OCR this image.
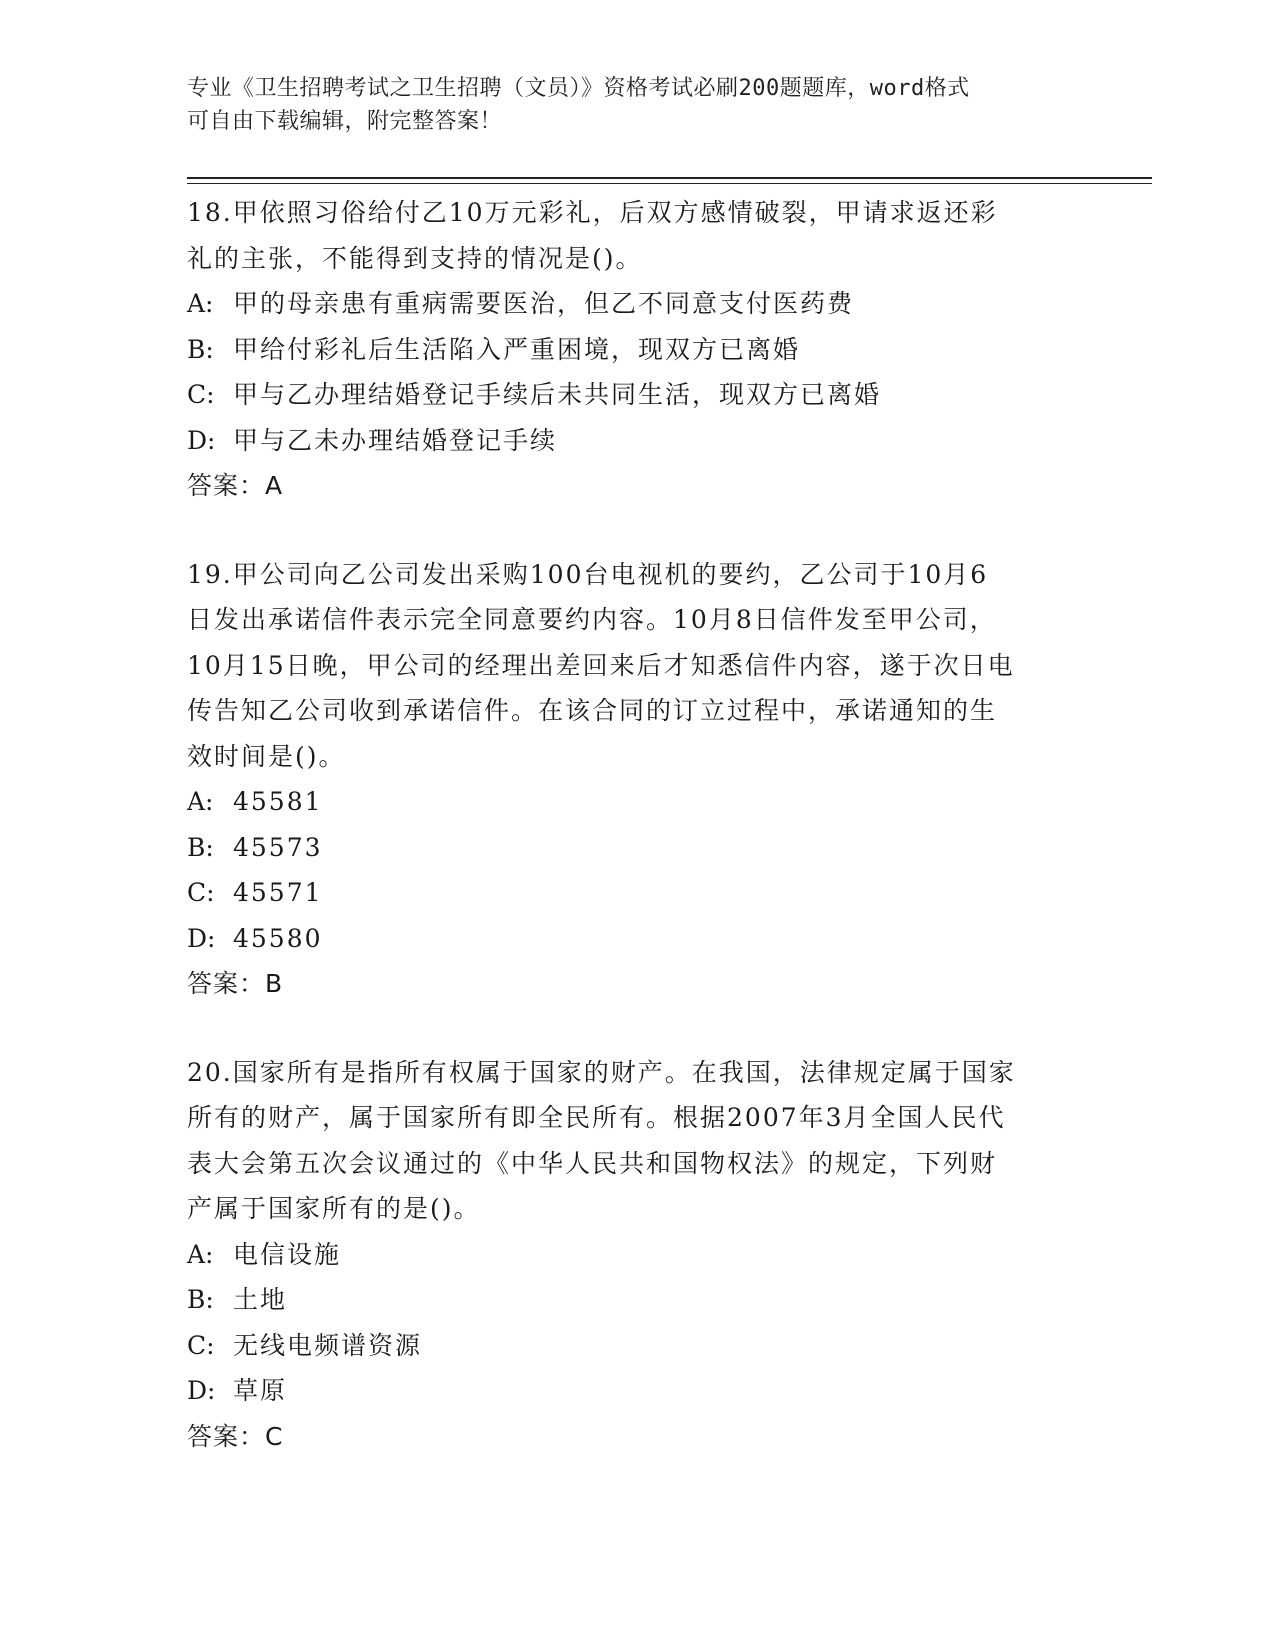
专业《卫生招聘考试之卫生招聘（文员）》资格考试必刷200题题库，word格式
可自由下载编辑，附完整答案！
18.甲依照习俗给付乙10万元彩礼，后双方感情破裂，甲请求返还彩
礼的主张，不能得到支持的情况是()。
A: 甲的母亲患有重病需要医治，但乙不同意支付医药费
B: 甲给付彩礼后生活陷入严重困境，现双方已离婚
C: 甲与乙办理结婚登记手续后未共同生活，现双方已离婚
D: 甲与乙未办理结婚登记手续
答案：A
19.甲公司向乙公司发出采购100台电视机的要约，乙公司于10月6
日发出承诺信件表示完全同意要约内容。10月8日信件发至甲公司，
10月15日晚，甲公司的经理出差回来后才知悉信件内容，遂于次日电
传告知乙公司收到承诺信件。在该合同的订立过程中，承诺通知的生
效时间是()。
A: 45581
B: 45573
C: 45571
D: 45580
答案：B
20.国家所有是指所有权属于国家的财产。在我国，法律规定属于国家
所有的财产，属于国家所有即全民所有。根据2007年3月全国人民代
表大会第五次会议通过的《中华人民共和国物权法》的规定，下列财
产属于国家所有的是()。
A: 电信设施
B: 土地
C: 无线电频谱资源
D: 草原
答案：C
